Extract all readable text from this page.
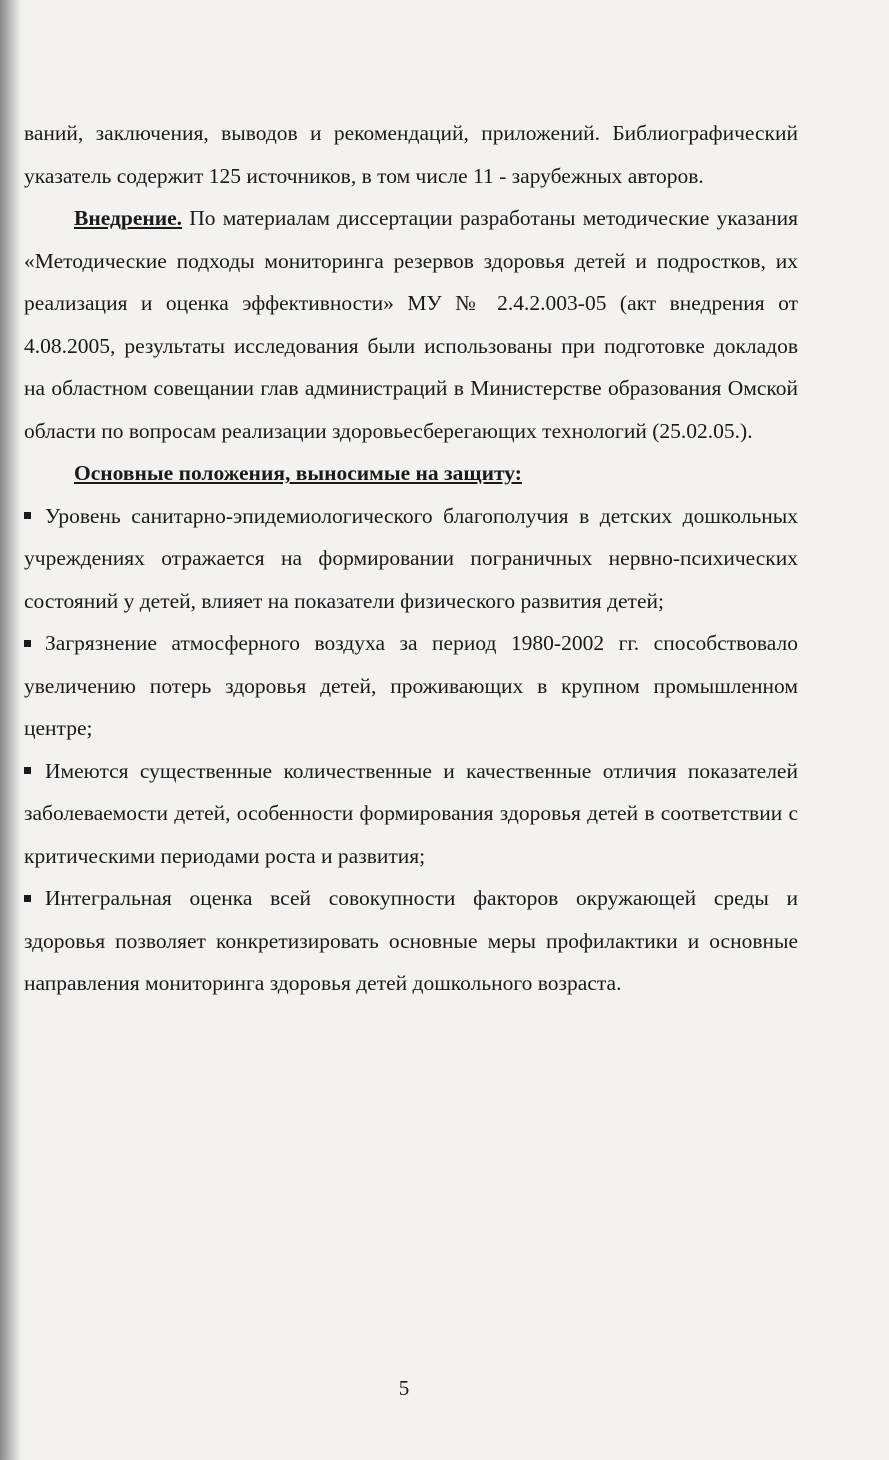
ваний, заключения, выводов и рекомендаций, приложений. Библиографический указатель содержит 125 источников, в том числе 11 - зарубежных авторов.

Внедрение. По материалам диссертации разработаны методические указания «Методические подходы мониторинга резервов здоровья детей и подростков, их реализация и оценка эффективности» МУ № 2.4.2.003-05 (акт внедрения от 4.08.2005, результаты исследования были использованы при подготовке докладов на областном совещании глав администраций в Министерстве образования Омской области по вопросам реализации здоровьесберегающих технологий (25.02.05.).

Основные положения, выносимые на защиту:

Уровень санитарно-эпидемиологического благополучия в детских дошкольных учреждениях отражается на формировании пограничных нервно-психических состояний у детей, влияет на показатели физического развития детей;

Загрязнение атмосферного воздуха за период 1980-2002 гг. способствовало увеличению потерь здоровья детей, проживающих в крупном промышленном центре;

Имеются существенные количественные и качественные отличия показателей заболеваемости детей, особенности формирования здоровья детей в соответствии с критическими периодами роста и развития;

Интегральная оценка всей совокупности факторов окружающей среды и здоровья позволяет конкретизировать основные меры профилактики и основные направления мониторинга здоровья детей дошкольного возраста.

5
